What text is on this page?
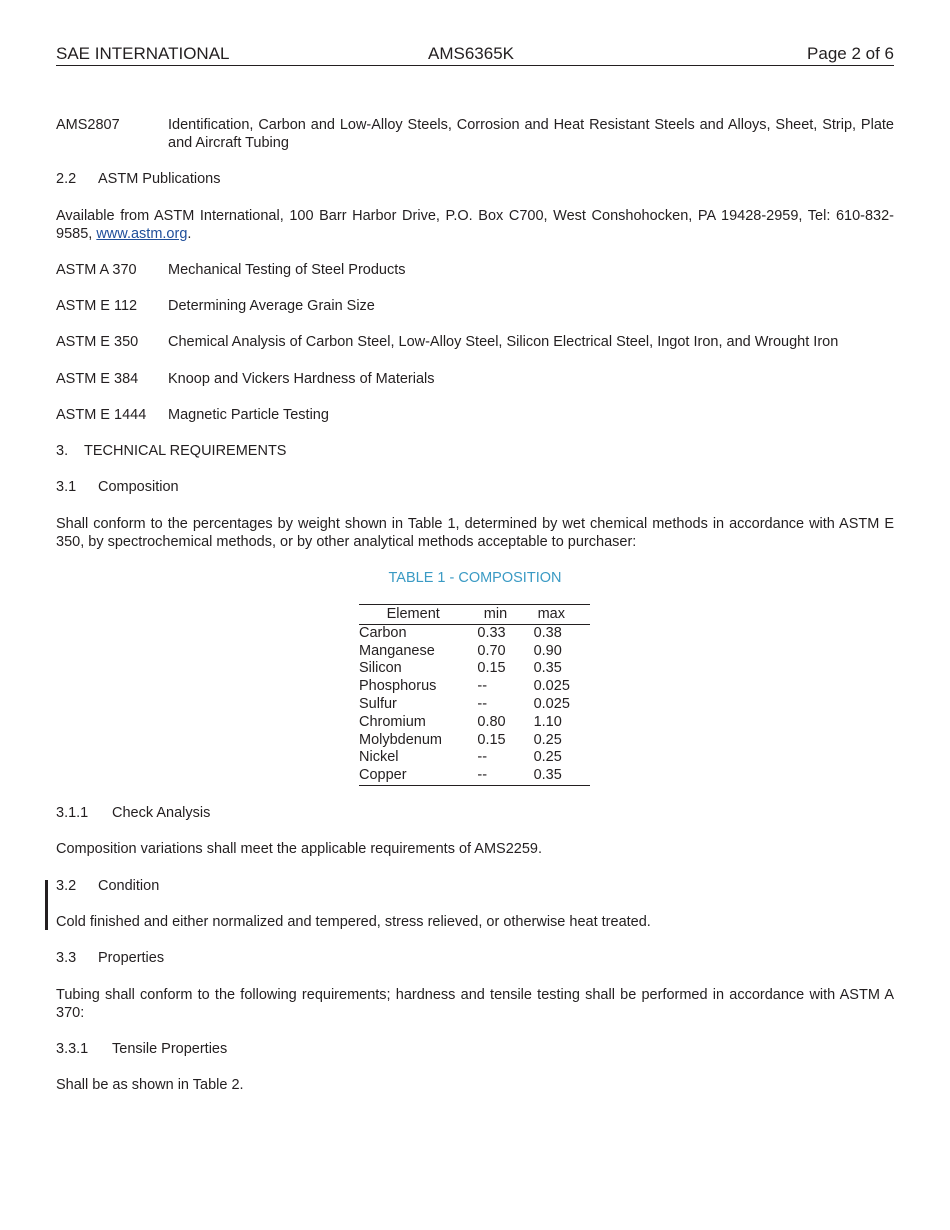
SAE INTERNATIONAL	AMS6365K	Page 2 of 6
AMS2807	Identification, Carbon and Low-Alloy Steels, Corrosion and Heat Resistant Steels and Alloys, Sheet, Strip, Plate and Aircraft Tubing
2.2 ASTM Publications
Available from ASTM International, 100 Barr Harbor Drive, P.O. Box C700, West Conshohocken, PA 19428-2959, Tel: 610-832-9585, www.astm.org.
ASTM A 370 Mechanical Testing of Steel Products
ASTM E 112 Determining Average Grain Size
ASTM E 350 Chemical Analysis of Carbon Steel, Low-Alloy Steel, Silicon Electrical Steel, Ingot Iron, and Wrought Iron
ASTM E 384 Knoop and Vickers Hardness of Materials
ASTM E 1444 Magnetic Particle Testing
3. TECHNICAL REQUIREMENTS
3.1 Composition
Shall conform to the percentages by weight shown in Table 1, determined by wet chemical methods in accordance with ASTM E 350, by spectrochemical methods, or by other analytical methods acceptable to purchaser:
TABLE 1 - COMPOSITION
Element	min	max
Carbon	0.33	0.38
Manganese	0.70	0.90
Silicon	0.15	0.35
Phosphorus	--	0.025
Sulfur	--	0.025
Chromium	0.80	1.10
Molybdenum	0.15	0.25
Nickel	--	0.25
Copper	--	0.35
3.1.1 Check Analysis
Composition variations shall meet the applicable requirements of AMS2259.
3.2 Condition
Cold finished and either normalized and tempered, stress relieved, or otherwise heat treated.
3.3 Properties
Tubing shall conform to the following requirements; hardness and tensile testing shall be performed in accordance with ASTM A 370:
3.3.1 Tensile Properties
Shall be as shown in Table 2.
